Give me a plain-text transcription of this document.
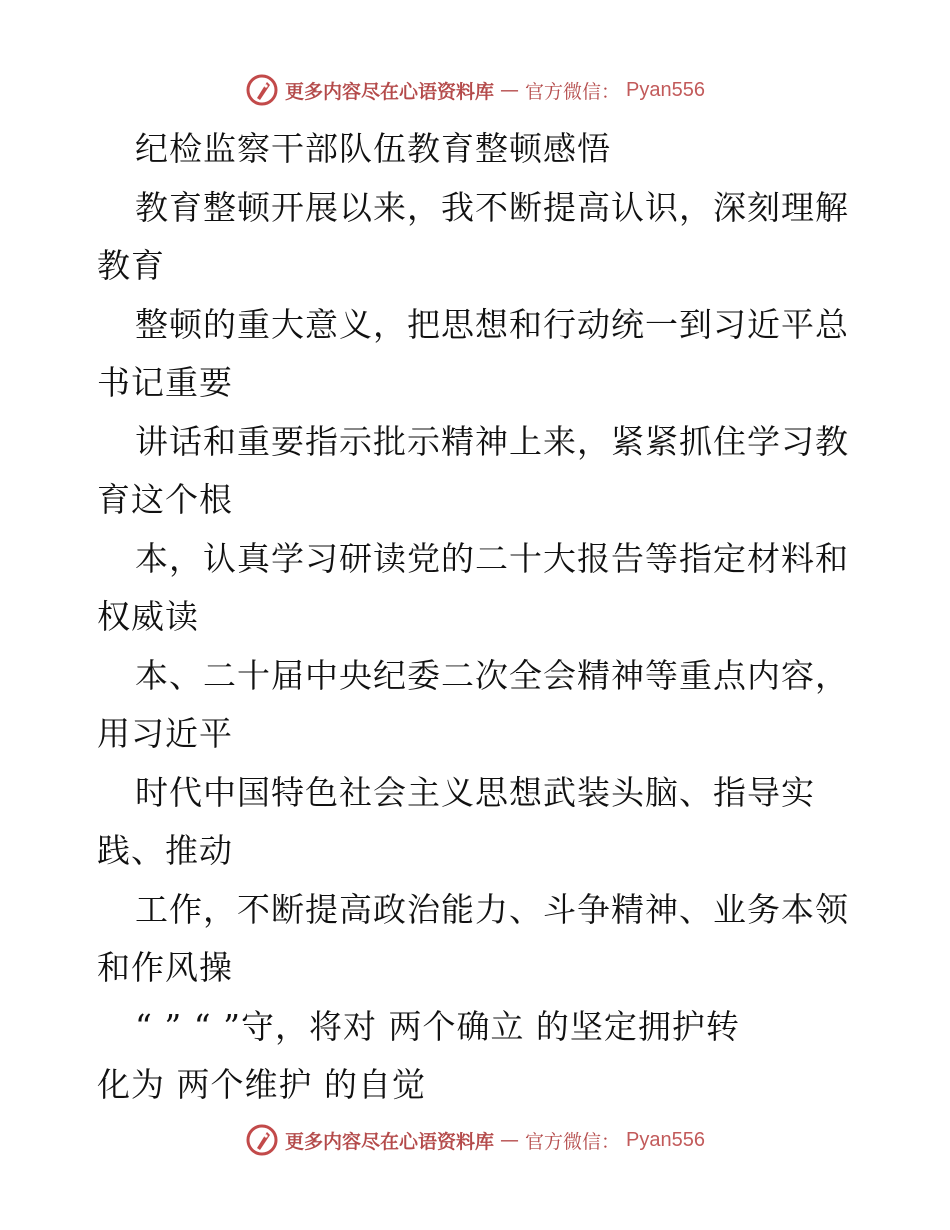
更多内容尽在心语资料库 — 官方微信： Pyan556
纪检监察干部队伍教育整顿感悟
教育整顿开展以来，我不断提高认识，深刻理解
教育
整顿的重大意义，把思想和行动统一到习近平总
书记重要
讲话和重要指示批示精神上来，紧紧抓住学习教
育这个根
本，认真学习研读党的二十大报告等指定材料和
权威读
本、二十届中央纪委二次全会精神等重点内容，
用习近平
时代中国特色社会主义思想武装头脑、指导实
践、推动
工作，不断提高政治能力、斗争精神、业务本领
和作风操
“ ” “ ”守，将对 两个确立 的坚定拥护转
化为 两个维护 的自觉
更多内容尽在心语资料库 — 官方微信： Pyan556
